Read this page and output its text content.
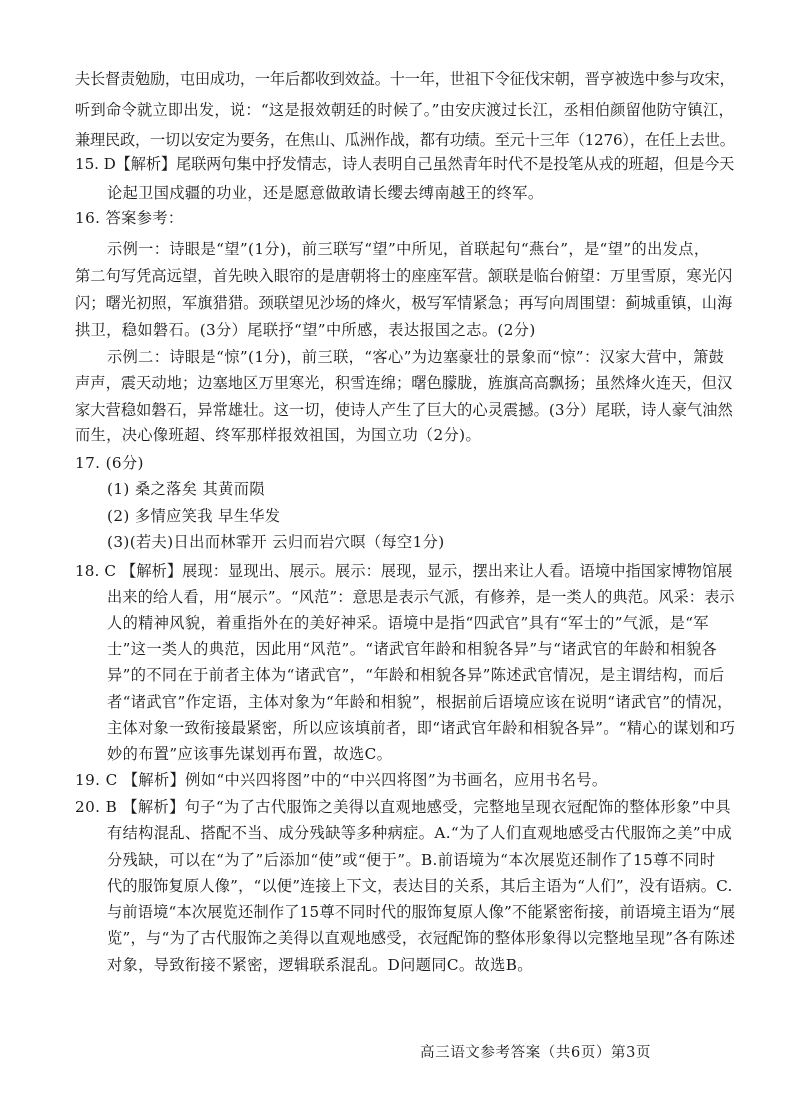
夫长督责勉励，屯田成功，一年后都收到效益。十一年，世祖下令征伐宋朝，晋亨被选中参与攻宋，
听到命令就立即出发，说：“这是报效朝廷的时候了。”由安庆渡过长江，丞相伯颜留他防守镇江，
兼理民政，一切以安定为要务，在焦山、瓜洲作战，都有功绩。至元十三年（1276），在任上去世。
15. D【解析】尾联两句集中抒发情志，诗人表明自己虽然青年时代不是投笔从戎的班超，但是今天
论起卫国戍疆的功业，还是愿意做敢请长缨去缚南越王的终军。
16. 答案参考：
示例一：诗眼是“望”(1分)，前三联写“望”中所见，首联起句“燕台”，是“望”的出发点，
第二句写凭高远望，首先映入眼帘的是唐朝将士的座座军营。颔联是临台俯望：万里雪原，寒光闪
闪；曙光初照，军旗猎猎。颈联望见沙场的烽火，极写军情紧急；再写向周围望：蓟城重镇，山海
拱卫，稳如磐石。(3分）尾联抒“望”中所感，表达报国之志。(2分)
示例二：诗眼是“惊”(1分)，前三联，“客心”为边塞豪壮的景象而“惊”：汉家大营中，箫鼓
声声，震天动地；边塞地区万里寒光，积雪连绵；曙色朦胧，旌旗高高飘扬；虽然烽火连天，但汉
家大营稳如磐石，异常雄壮。这一切，使诗人产生了巨大的心灵震撼。(3分）尾联，诗人豪气油然
而生，决心像班超、终军那样报效祖国，为国立功（2分)。
17. (6分)
(1) 桑之落矣 其黄而陨
(2) 多情应笑我 早生华发
(3)(若夫)日出而林霏开 云归而岩穴暝（每空1分)
18. C 【解析】展现：显现出、展示。展示：展现，显示，摆出来让人看。语境中指国家博物馆展
出来的给人看，用“展示”。“风范”：意思是表示气派，有修养，是一类人的典范。风采：表示
人的精神风貌，着重指外在的美好神采。语境中是指“四武官”具有“军士的”气派，是“军
士”这一类人的典范，因此用“风范”。“诸武官年龄和相貌各异”与“诸武官的年龄和相貌各
异”的不同在于前者主体为“诸武官”，“年龄和相貌各异”陈述武官情况，是主谓结构，而后
者“诸武官”作定语，主体对象为“年龄和相貌”，根据前后语境应该在说明“诸武官”的情况，
主体对象一致衔接最紧密，所以应该填前者，即“诸武官年龄和相貌各异”。“精心的谋划和巧
妙的布置”应该事先谋划再布置，故选C。
19. C 【解析】例如“中兴四将图”中的“中兴四将图”为书画名，应用书名号。
20. B 【解析】句子“为了古代服饰之美得以直观地感受，完整地呈现衣冠配饰的整体形象”中具
有结构混乱、搭配不当、成分残缺等多种病症。A.“为了人们直观地感受古代服饰之美”中成
分残缺，可以在“为了”后添加“使”或“便于”。B.前语境为“本次展览还制作了15尊不同时
代的服饰复原人像”，“以便”连接上下文，表达目的关系，其后主语为“人们”，没有语病。C.
与前语境“本次展览还制作了15尊不同时代的服饰复原人像”不能紧密衔接，前语境主语为“展
览”，与“为了古代服饰之美得以直观地感受，衣冠配饰的整体形象得以完整地呈现”各有陈述
对象，导致衔接不紧密，逻辑联系混乱。D问题同C。故选B。
高三语文参考答案（共6页）第3页
